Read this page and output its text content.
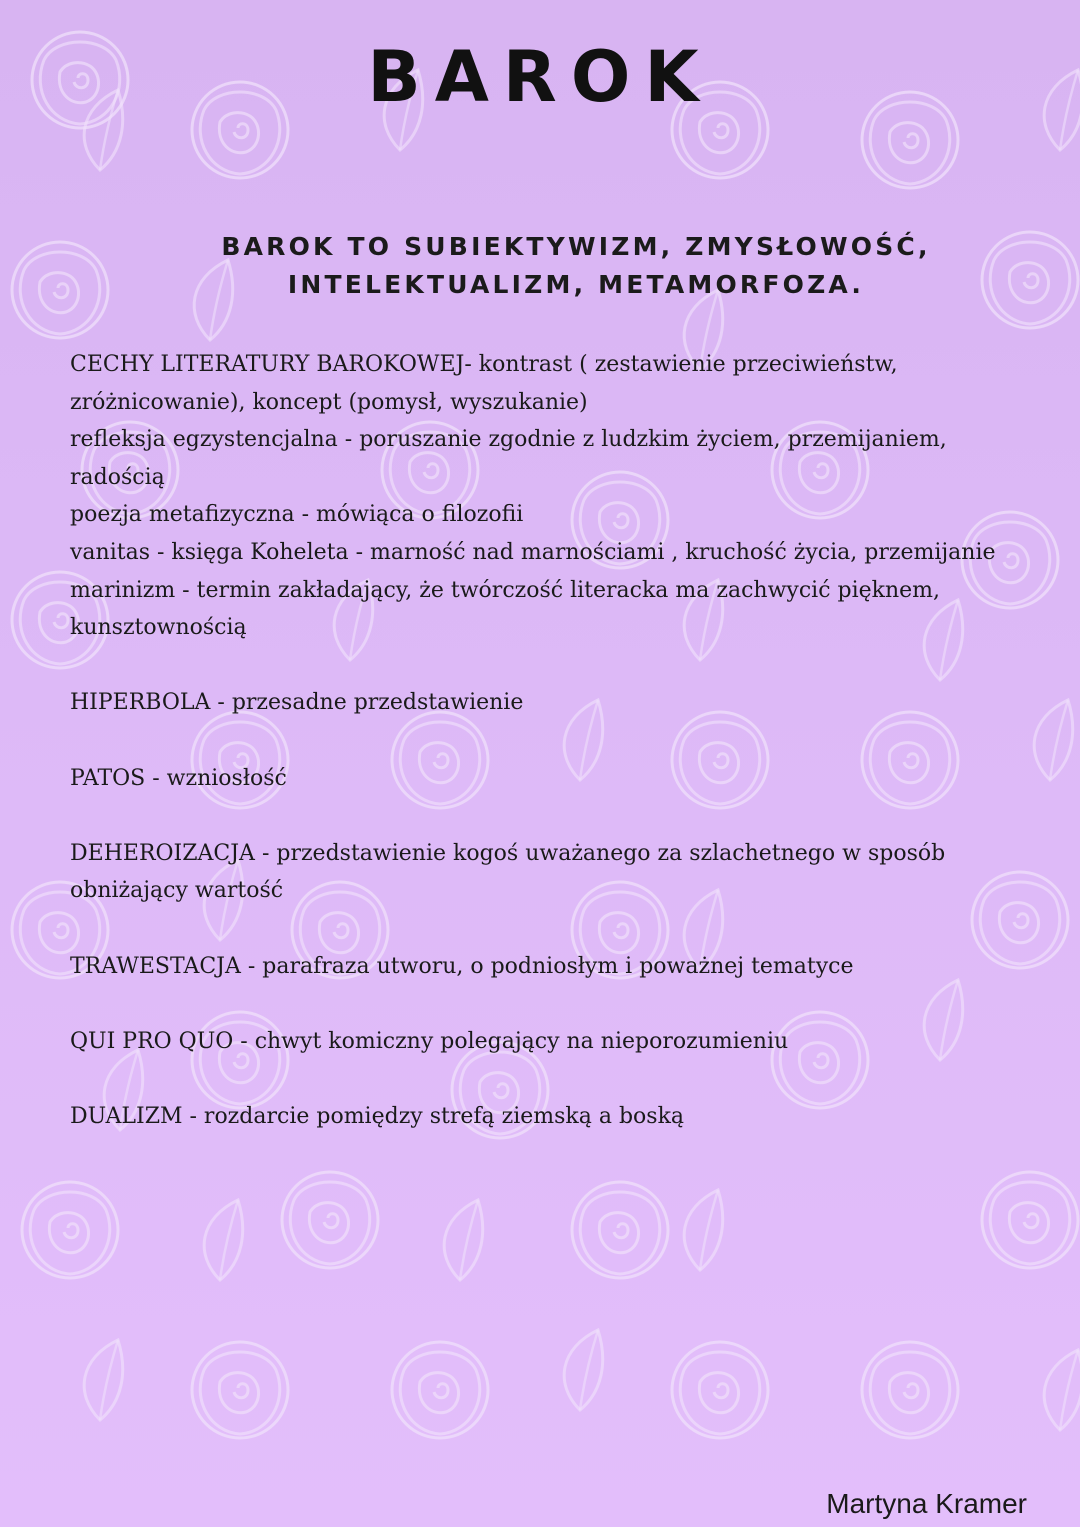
BAROK
BAROK TO SUBIEKTYWIZM, ZMYSŁOWOŚĆ,
INTELEKTUALIZM, METAMORFOZA.
CECHY LITERATURY BAROKOWEJ- kontrast ( zestawienie przeciwieństw,
zróżnicowanie), koncept (pomysł, wyszukanie)
refleksja egzystencjalna - poruszanie zgodnie z ludzkim życiem, przemijaniem,
radością
poezja metafizyczna - mówiąca o filozofii
vanitas - księga Koheleta - marność nad marnościami , kruchość życia, przemijanie
marinizm - termin zakładający, że twórczość literacka ma zachwycić pięknem,
kunsztownością
HIPERBOLA - przesadne przedstawienie
PATOS - wzniosłość
DEHEROIZACJA - przedstawienie kogoś uważanego za szlachetnego w sposób
obniżający wartość
TRAWESTACJA - parafraza utworu, o podniosłym i poważnej tematyce
QUI PRO QUO - chwyt komiczny polegający na nieporozumieniu
DUALIZM - rozdarcie pomiędzy strefą ziemską a boską
Martyna Kramer
